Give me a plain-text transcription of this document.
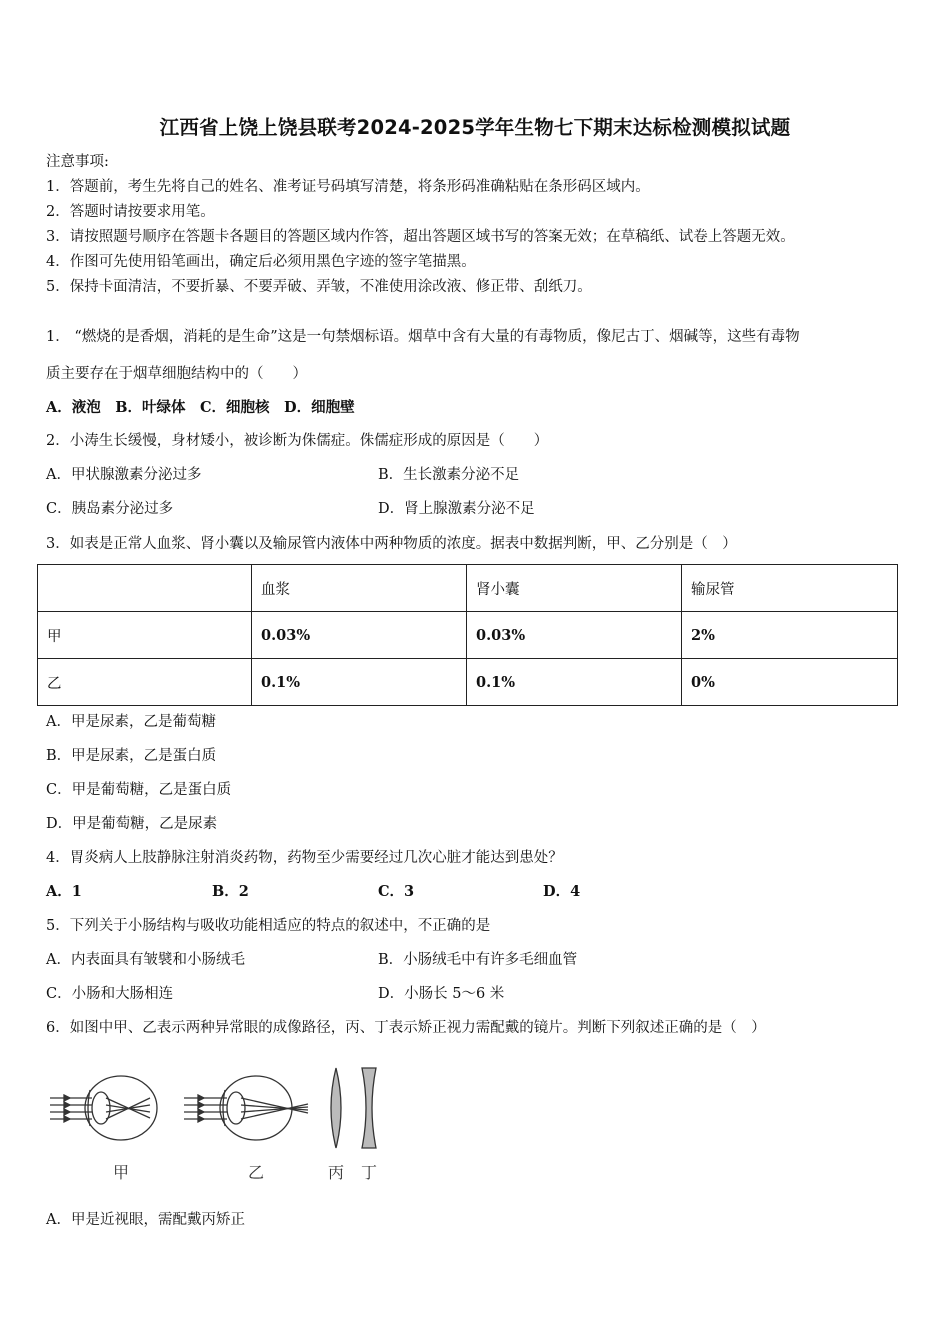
江西省上饶上饶县联考2024-2025学年生物七下期末达标检测模拟试题
注意事项:
1．答题前，考生先将自己的姓名、准考证号码填写清楚，将条形码准确粘贴在条形码区域内。
2．答题时请按要求用笔。
3．请按照题号顺序在答题卡各题目的答题区域内作答，超出答题区域书写的答案无效；在草稿纸、试卷上答题无效。
4．作图可先使用铅笔画出，确定后必须用黑色字迹的签字笔描黑。
5．保持卡面清洁，不要折暴、不要弄破、弄皱，不准使用涂改液、修正带、刮纸刀。
1． “燃烧的是香烟，消耗的是生命”这是一句禁烟标语。烟草中含有大量的有毒物质，像尼古丁、烟碱等，这些有毒物
质主要存在于烟草细胞结构中的（　　）
A．液泡　B．叶绿体　C．细胞核　D．细胞壁
2．小涛生长缓慢，身材矮小，被诊断为侏儒症。侏儒症形成的原因是（　　）
A．甲状腺激素分泌过多	B．生长激素分泌不足
C．胰岛素分泌过多	D．肾上腺激素分泌不足
3．如表是正常人血浆、肾小囊以及输尿管内液体中两种物质的浓度。据表中数据判断，甲、乙分别是（　）
	血浆	肾小囊	输尿管
甲	0.03%	0.03%	2%
乙	0.1%	0.1%	0%
A．甲是尿素，乙是葡萄糖
B．甲是尿素，乙是蛋白质
C．甲是葡萄糖，乙是蛋白质
D．甲是葡萄糖，乙是尿素
4．胃炎病人上肢静脉注射消炎药物，药物至少需要经过几次心脏才能达到患处？
A．1	B．2	C．3	D．4
5．下列关于小肠结构与吸收功能相适应的特点的叙述中，不正确的是
A．内表面具有皱襞和小肠绒毛	B．小肠绒毛中有许多毛细血管
C．小肠和大肠相连	D．小肠长 5～6 米
6．如图中甲、乙表示两种异常眼的成像路径，丙、丁表示矫正视力需配戴的镜片。判断下列叙述正确的是（　）
甲	乙	丙 丁
A．甲是近视眼，需配戴丙矫正
